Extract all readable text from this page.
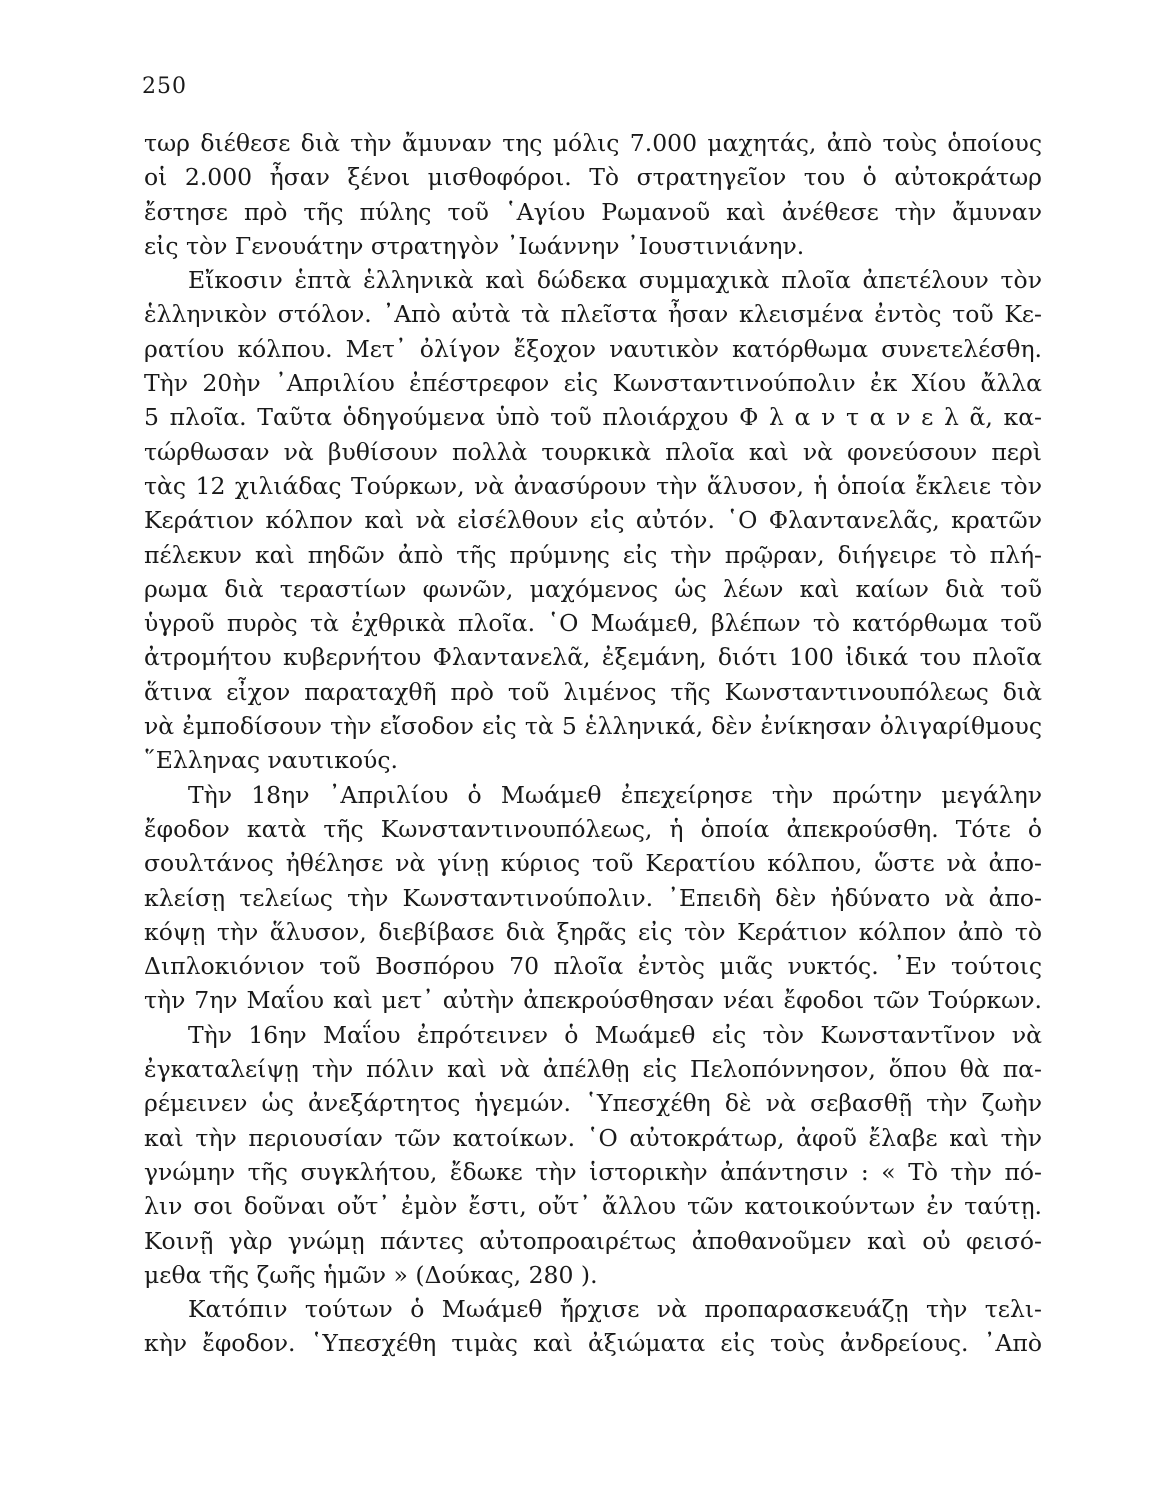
250
τωρ διέθεσε διὰ τὴν ἄμυναν της μόλις 7.000 μαχητάς, ἀπὸ τοὺς ὁποίους
οἱ 2.000 ἦσαν ξένοι μισθοφόροι. Τὸ στρατηγεῖον του ὁ αὐτοκράτωρ
ἔστησε πρὸ τῆς πύλης τοῦ ῾Αγίου Ρωμανοῦ καὶ ἀνέθεσε τὴν ἄμυναν
εἰς τὸν Γενουάτην στρατηγὸν ᾿Ιωάννην ᾿Ιουστινιάνην.
Εἴκοσιν ἑπτὰ ἑλληνικὰ καὶ δώδεκα συμμαχικὰ πλοῖα ἀπετέλουν τὸν
ἑλληνικὸν στόλον. ᾿Απὸ αὐτὰ τὰ πλεῖστα ἦσαν κλεισμένα ἐντὸς τοῦ Κε-
ρατίου κόλπου. Μετ᾿ ὀλίγον ἔξοχον ναυτικὸν κατόρθωμα συνετελέσθη.
Τὴν 20ὴν ᾿Απριλίου ἐπέστρεφον εἰς Κωνσταντινούπολιν ἐκ Χίου ἄλλα
5 πλοῖα. Ταῦτα ὁδηγούμενα ὑπὸ τοῦ πλοιάρχου Φ λ α ν τ α ν ε λ ᾶ, κα-
τώρθωσαν νὰ βυθίσουν πολλὰ τουρκικὰ πλοῖα καὶ νὰ φονεύσουν περὶ
τὰς 12 χιλιάδας Τούρκων, νὰ ἀνασύρουν τὴν ἅλυσον, ἡ ὁποία ἔκλειε τὸν
Κεράτιον κόλπον καὶ νὰ εἰσέλθουν εἰς αὐτόν. ῾Ο Φλαντανελᾶς, κρατῶν
πέλεκυν καὶ πηδῶν ἀπὸ τῆς πρύμνης εἰς τὴν πρῷραν, διήγειρε τὸ πλή-
ρωμα διὰ τεραστίων φωνῶν, μαχόμενος ὡς λέων καὶ καίων διὰ τοῦ
ὑγροῦ πυρὸς τὰ ἐχθρικὰ πλοῖα. ῾Ο Μωάμεθ, βλέπων τὸ κατόρθωμα τοῦ
ἀτρομήτου κυβερνήτου Φλαντανελᾶ, ἐξεμάνη, διότι 100 ἰδικά του πλοῖα
ἅτινα εἶχον παραταχθῆ πρὸ τοῦ λιμένος τῆς Κωνσταντινουπόλεως διὰ
νὰ ἐμποδίσουν τὴν εἴσοδον εἰς τὰ 5 ἑλληνικά, δὲν ἐνίκησαν ὀλιγαρίθμους
῞Ελληνας ναυτικούς.
Τὴν 18ην ᾿Απριλίου ὁ Μωάμεθ ἐπεχείρησε τὴν πρώτην μεγάλην
ἔφοδον κατὰ τῆς Κωνσταντινουπόλεως, ἡ ὁποία ἀπεκρούσθη. Τότε ὁ
σουλτάνος ἠθέλησε νὰ γίνῃ κύριος τοῦ Κερατίου κόλπου, ὥστε νὰ ἀπο-
κλείσῃ τελείως τὴν Κωνσταντινούπολιν. ᾿Επειδὴ δὲν ἠδύνατο νὰ ἀπο-
κόψῃ τὴν ἅλυσον, διεβίβασε διὰ ξηρᾶς εἰς τὸν Κεράτιον κόλπον ἀπὸ τὸ
Διπλοκιόνιον τοῦ Βοσπόρου 70 πλοῖα ἐντὸς μιᾶς νυκτός. ᾿Εν τούτοις
τὴν 7ην Μαΐου καὶ μετ᾿ αὐτὴν ἀπεκρούσθησαν νέαι ἔφοδοι τῶν Τούρκων.
Τὴν 16ην Μαΐου ἐπρότεινεν ὁ Μωάμεθ εἰς τὸν Κωνσταντῖνον νὰ
ἐγκαταλείψῃ τὴν πόλιν καὶ νὰ ἀπέλθῃ εἰς Πελοπόννησον, ὅπου θὰ πα-
ρέμεινεν ὡς ἀνεξάρτητος ἡγεμών. ῾Υπεσχέθη δὲ νὰ σεβασθῇ τὴν ζωὴν
καὶ τὴν περιουσίαν τῶν κατοίκων. ῾Ο αὐτοκράτωρ, ἀφοῦ ἔλαβε καὶ τὴν
γνώμην τῆς συγκλήτου, ἔδωκε τὴν ἱστορικὴν ἀπάντησιν : « Τὸ τὴν πό-
λιν σοι δοῦναι οὔτ᾿ ἐμὸν ἔστι, οὔτ᾿ ἄλλου τῶν κατοικούντων ἐν ταύτῃ.
Κοινῇ γὰρ γνώμῃ πάντες αὐτοπροαιρέτως ἀποθανοῦμεν καὶ οὐ φεισό-
μεθα τῆς ζωῆς ἡμῶν » (Δούκας, 280 ).
Κατόπιν τούτων ὁ Μωάμεθ ἤρχισε νὰ προπαρασκευάζῃ τὴν τελι-
κὴν ἔφοδον. ῾Υπεσχέθη τιμὰς καὶ ἀξιώματα εἰς τοὺς ἀνδρείους. ᾿Απὸ
